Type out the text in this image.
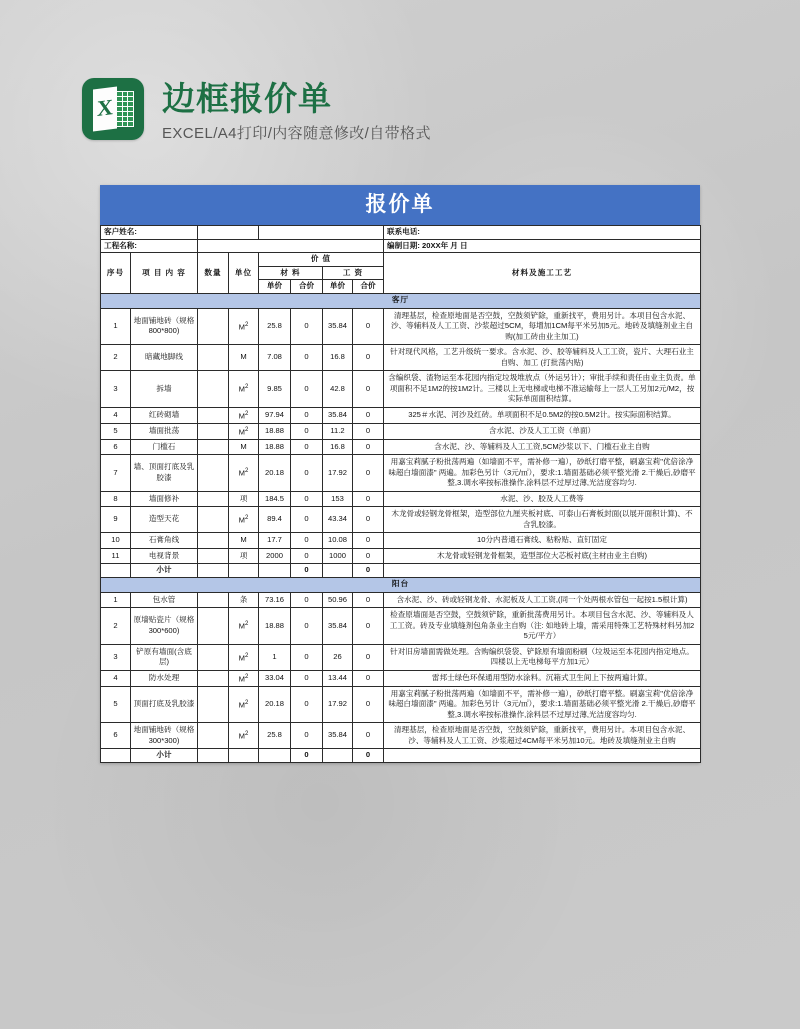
X 边框报价单
EXCEL/A4打印/内容随意修改/自带格式
报价单
客户姓名:								联系电话:
工程名称:								编制日期: 20XX年 月 日
序号	项 目 内 容	数量	单位	价 值				材料及施工工艺
				材 料		工 资		
				单价	合价	单价	合价	
客厅								
1	地面铺地砖（规格800*800)		$M^2$	25.8	0	35.84	0	清理基层，检查原地面是否空鼓，空鼓须铲除，重新找平，费用另计。本项目包含水泥、沙、等辅料及人工工资、沙浆超过5CM，每增加1CM每平米另加5元。地砖及填缝剂业主自购(加工砖由业主加工)
2	暗藏地脚线		M	7.08	0	16.8	0	针对现代风格，工艺升级统一要求。含水泥、沙、胶等辅料及人工工资，瓷片、大理石业主自购、加工 (打批荡内贴)
3	拆墙		$M^2$	9.85	0	42.8	0	含编织袋、渣物运至本花园内指定垃圾堆放点（外运另计）；审批手续和责任由业主负责。单项面积不足1M2的按1M2计。三楼以上无电梯或电梯不准运输每上一层人工另加2元/M2，按实际单面面积结算。
4	红砖砌墙		$M^2$	97.94	0	35.84	0	325＃水泥、河沙及红砖。单项面积不足0.5M2的按0.5M2计。按实际面积结算。
5	墙面批荡		$M^2$	18.88	0	11.2	0	含水泥、沙及人工工资（单面）
6	门槛石		M	18.88	0	16.8	0	含水泥、沙、等辅料及人工工资,5CM沙浆以下、门槛石业主自购
7	墙、顶面打底及乳胶漆		$M^2$	20.18	0	17.92	0	用嘉宝莉腻子粉批荡两遍（如墙面不平，需补修一遍），砂纸打磨平整，刷嘉宝莉"优倍涂净味超白墙面漆" 两遍。加彩色另计（3元/㎡），要求:1.墙面基础必须平整光滑 2.干燥后,砂磨平整,3.调水率按标准操作,涂料层不过厚过薄,光洁度容均匀.
8	墙面修补		项	184.5	0	153	0	水泥、沙、胶及人工费等
9	造型天花		$M^2$	89.4	0	43.34	0	木龙骨或轻钢龙骨框架，造型部位九厘夹板衬底、可泰山石膏板封面(以展开面积计算)、不含乳胶漆。
10	石膏角线		M	17.7	0	10.08	0	10分内普通石膏线、粘粉贴、直钉固定
11	电视背景		项	2000	0	1000	0	木龙骨或轻钢龙骨框架，造型部位大芯板衬底(主材由业主自购)
	小计				0		0	
阳台								
1	包水管		条	73.16	0	50.96	0	含水泥、沙、砖或轻钢龙骨、水泥板及人工工资,(同一个处两根水管包一起按1.5根计算)
2	原墙贴瓷片（规格300*600)		$M^2$	18.88	0	35.84	0	检查原墙面是否空鼓，空鼓须铲除，重新批荡费用另计。本项目包含水泥、沙、等辅料及人工工资。砖及专业填缝剂包角条业主自购（注: 如地砖上墙，需采用特殊工艺特殊材料另加25元/平方）
3	铲原有墙面(含底层)		$M^2$	1	0	26	0	针对旧房墙面需做处理。含购编织袋袋、铲除原有墙面粉刷（垃圾运至本花园内指定地点。四楼以上无电梯每平方加1元）
4	防水处理		$M^2$	33.04	0	13.44	0	雷邦士绿色环保通用型防水涂料。沉箱式卫生间上下按两遍计算。
5	顶面打底及乳胶漆		$M^2$	20.18	0	17.92	0	用嘉宝莉腻子粉批荡两遍（如墙面不平，需补修一遍），砂纸打磨平整。刷嘉宝莉"优倍涂净味超白墙面漆" 两遍。加彩色另计（3元/㎡），要求:1.墙面基础必须平整光滑 2.干燥后,砂磨平整,3.调水率按标准操作,涂料层不过厚过薄,光洁度容均匀.
6	地面铺地砖（规格300*300)		$M^2$	25.8	0	35.84	0	清理基层，检查原地面是否空鼓，空鼓须铲除，重新找平，费用另计。本项目包含水泥、沙、等辅料及人工工资、沙浆超过4CM每平米另加10元。地砖及填缝剂业主自购
	小计				0		0	
